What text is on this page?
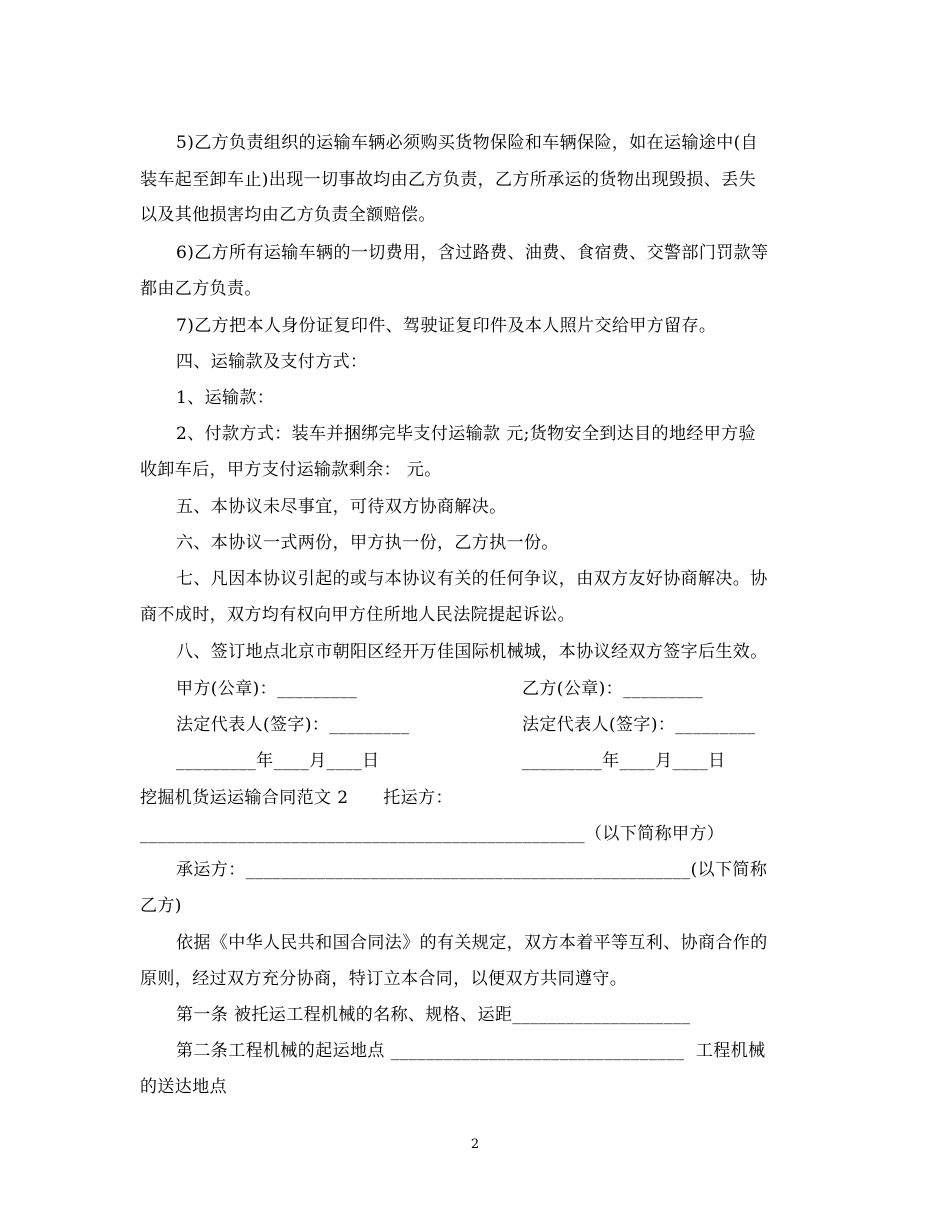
5)乙方负责组织的运输车辆必须购买货物保险和车辆保险，如在运输途中(自
装车起至卸车止)出现一切事故均由乙方负责，乙方所承运的货物出现毁损、丢失
以及其他损害均由乙方负责全额赔偿。
6)乙方所有运输车辆的一切费用，含过路费、油费、食宿费、交警部门罚款等
都由乙方负责。
7)乙方把本人身份证复印件、驾驶证复印件及本人照片交给甲方留存。
四、运输款及支付方式：
1、运输款：
2、付款方式：装车并捆绑完毕支付运输款 元;货物安全到达目的地经甲方验
收卸车后，甲方支付运输款剩余： 元。
五、本协议未尽事宜，可待双方协商解决。
六、本协议一式两份，甲方执一份，乙方执一份。
七、凡因本协议引起的或与本协议有关的任何争议，由双方友好协商解决。协
商不成时，双方均有权向甲方住所地人民法院提起诉讼。
八、签订地点北京市朝阳区经开万佳国际机械城，本协议经双方签字后生效。
甲方(公章)：_________	乙方(公章)：_________
法定代表人(签字)：_________	法定代表人(签字)：_________
_________年____月____日	_________年____月____日
挖掘机货运运输合同范文 2      托运方：
__________________________________________________（以下简称甲方）
承运方：__________________________________________________(以下简称
乙方)
依据《中华人民共和国合同法》的有关规定，双方本着平等互利、协商合作的
原则，经过双方充分协商，特订立本合同，以便双方共同遵守。
第一条 被托运工程机械的名称、规格、运距____________________
第二条工程机械的起运地点 _________________________________  工程机械
的送达地点
2
